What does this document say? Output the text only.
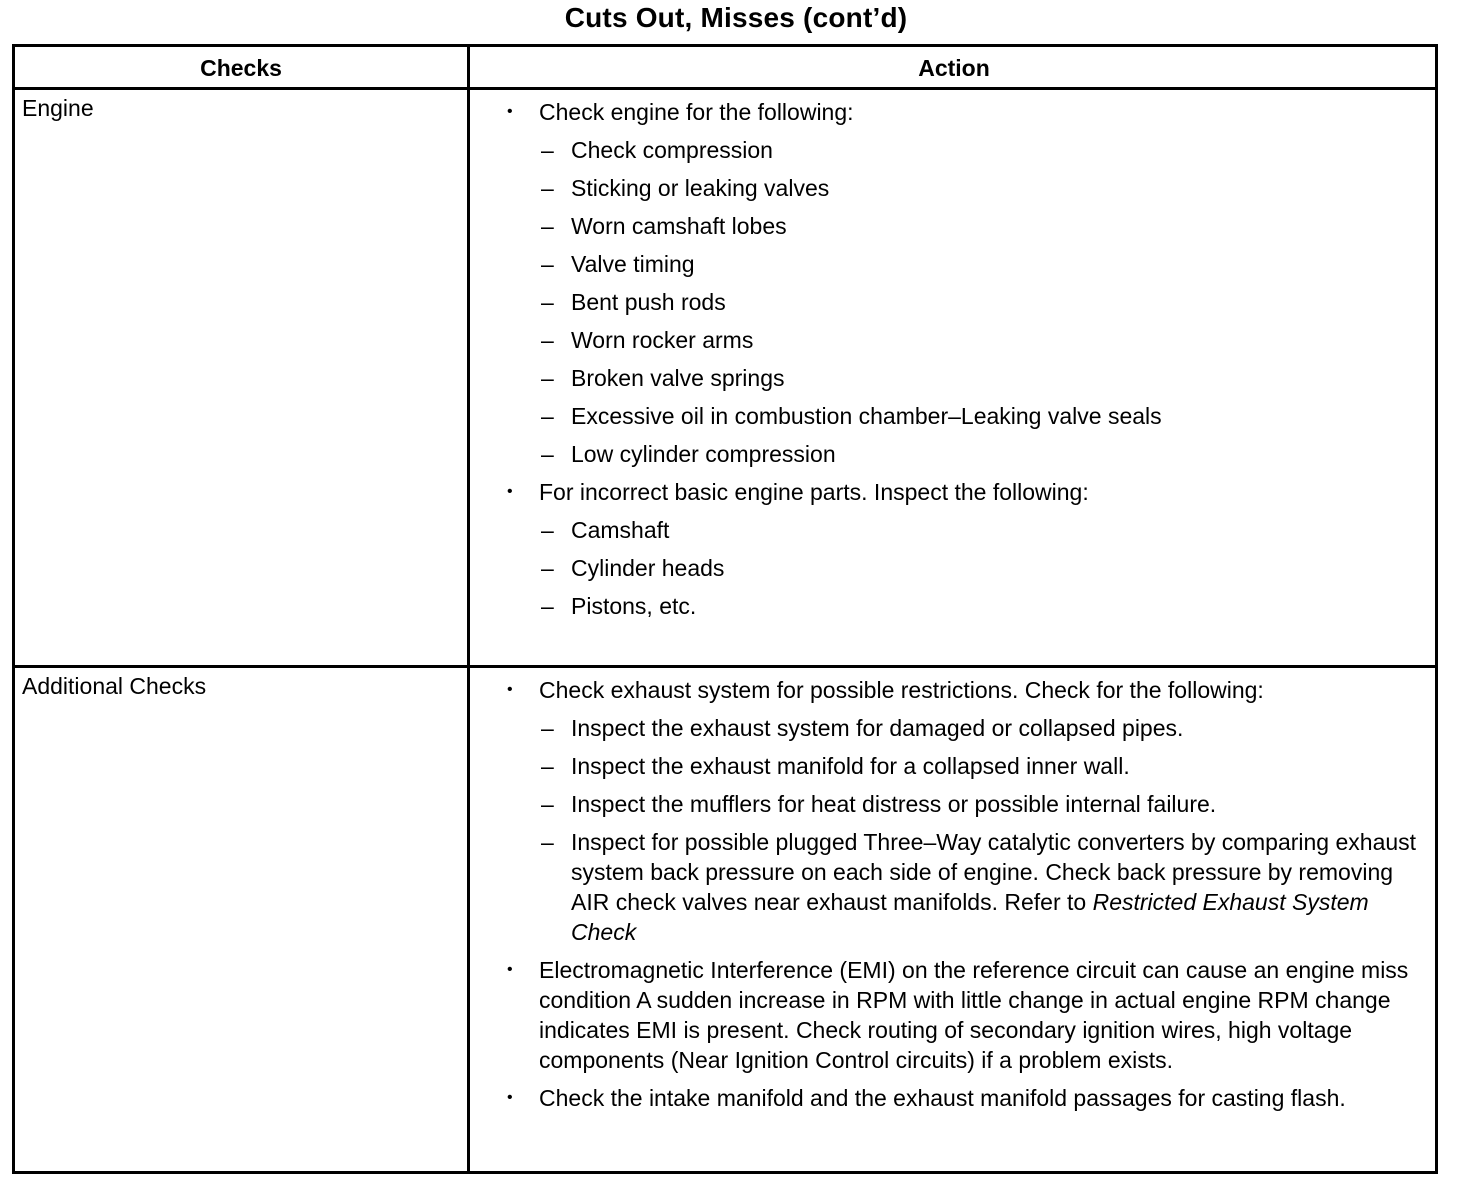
Cuts Out, Misses (cont’d)
Checks	Action
Engine	• Check engine for the following:
– Check compression
– Sticking or leaking valves
– Worn camshaft lobes
– Valve timing
– Bent push rods
– Worn rocker arms
– Broken valve springs
– Excessive oil in combustion chamber–Leaking valve seals
– Low cylinder compression
• For incorrect basic engine parts. Inspect the following:
– Camshaft
– Cylinder heads
– Pistons, etc.
Additional Checks	• Check exhaust system for possible restrictions. Check for the following:
– Inspect the exhaust system for damaged or collapsed pipes.
– Inspect the exhaust manifold for a collapsed inner wall.
– Inspect the mufflers for heat distress or possible internal failure.
– Inspect for possible plugged Three–Way catalytic converters by comparing exhaust system back pressure on each side of engine. Check back pressure by removing AIR check valves near exhaust manifolds. Refer to Restricted Exhaust System Check
• Electromagnetic Interference (EMI) on the reference circuit can cause an engine miss condition A sudden increase in RPM with little change in actual engine RPM change indicates EMI is present. Check routing of secondary ignition wires, high voltage components (Near Ignition Control circuits) if a problem exists.
• Check the intake manifold and the exhaust manifold passages for casting flash.
